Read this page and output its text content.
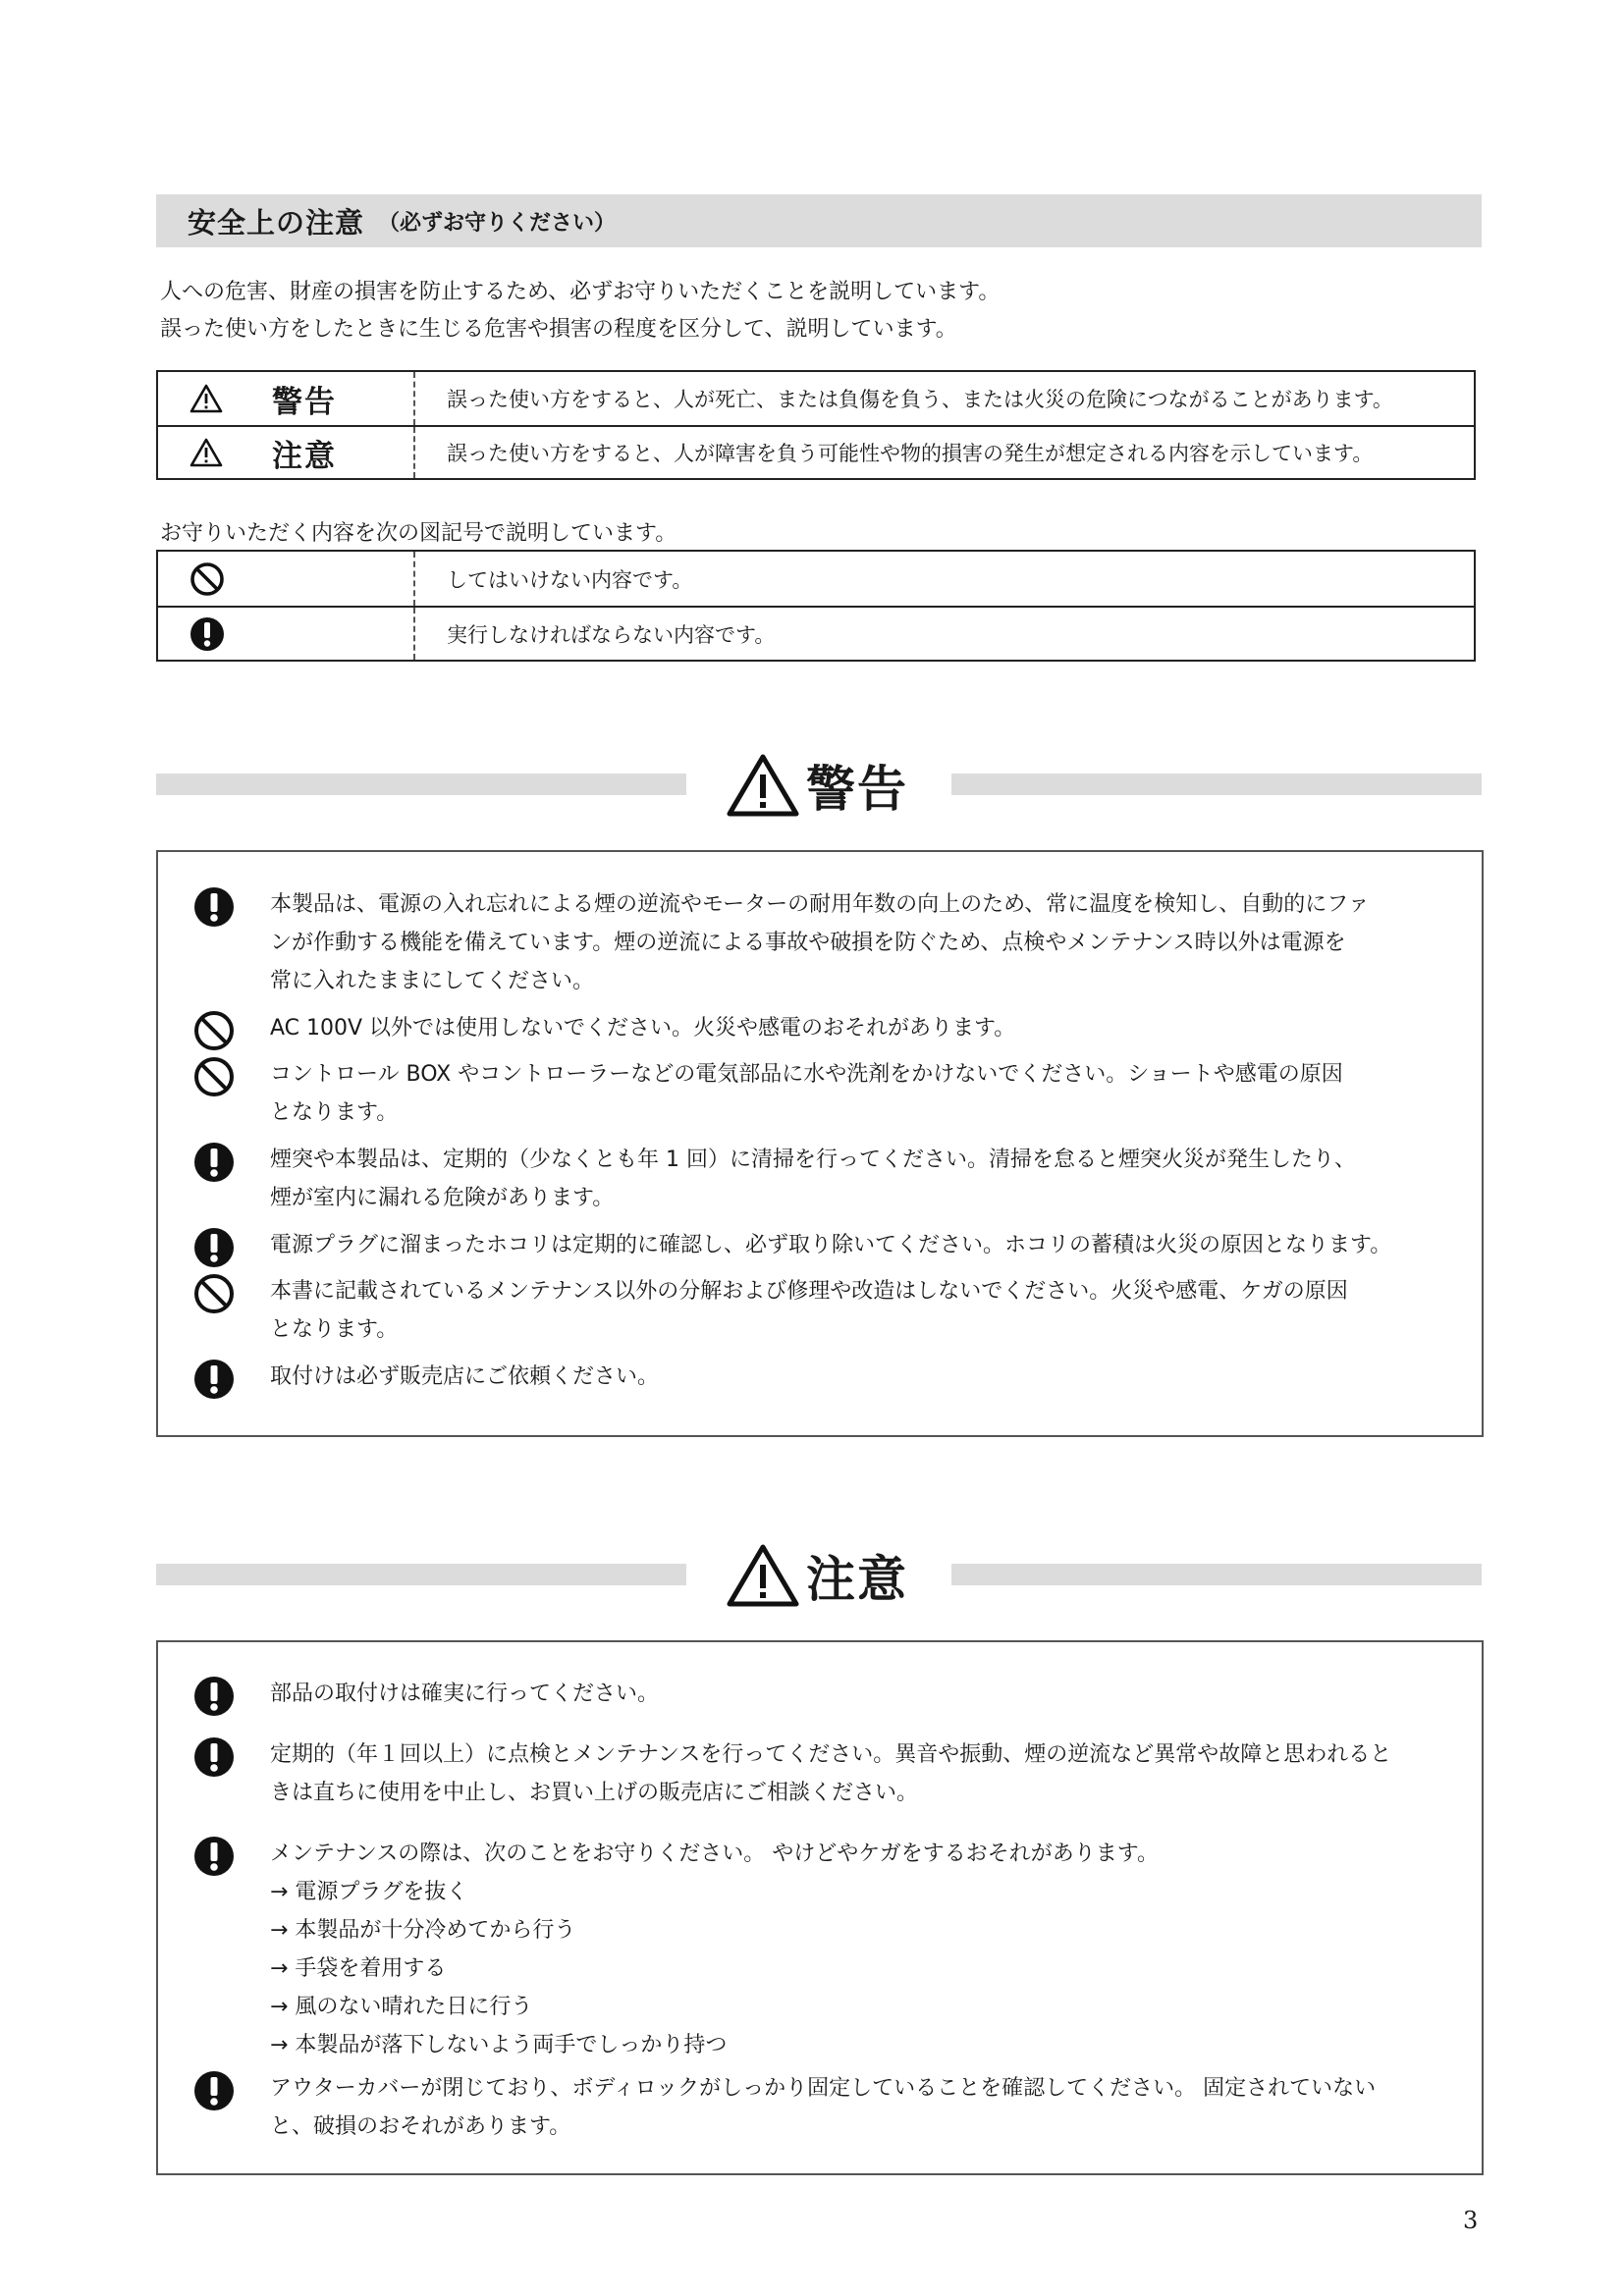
安全上の注意 （必ずお守りください）
人への危害、財産の損害を防止するため、必ずお守りいただくことを説明しています。
誤った使い方をしたときに生じる危害や損害の程度を区分して、説明しています。
警告	誤った使い方をすると、人が死亡、または負傷を負う、または火災の危険につながることがあります。
注意	誤った使い方をすると、人が障害を負う可能性や物的損害の発生が想定される内容を示しています。
お守りいただく内容を次の図記号で説明しています。
してはいけない内容です。
実行しなければならない内容です。
警告
本製品は、電源の入れ忘れによる煙の逆流やモーターの耐用年数の向上のため、常に温度を検知し、自動的にファ
ンが作動する機能を備えています。煙の逆流による事故や破損を防ぐため、点検やメンテナンス時以外は電源を
常に入れたままにしてください。
AC 100V 以外では使用しないでください。火災や感電のおそれがあります。
コントロール BOX やコントローラーなどの電気部品に水や洗剤をかけないでください。ショートや感電の原因
となります。
煙突や本製品は、定期的（少なくとも年 1 回）に清掃を行ってください。清掃を怠ると煙突火災が発生したり、
煙が室内に漏れる危険があります。
電源プラグに溜まったホコリは定期的に確認し、必ず取り除いてください。ホコリの蓄積は火災の原因となります。
本書に記載されているメンテナンス以外の分解および修理や改造はしないでください。火災や感電、ケガの原因
となります。
取付けは必ず販売店にご依頼ください。
注意
部品の取付けは確実に行ってください。
定期的（年１回以上）に点検とメンテナンスを行ってください。異音や振動、煙の逆流など異常や故障と思われると
きは直ちに使用を中止し、お買い上げの販売店にご相談ください。
メンテナンスの際は、次のことをお守りください。 やけどやケガをするおそれがあります。
→ 電源プラグを抜く
→ 本製品が十分冷めてから行う
→ 手袋を着用する
→ 風のない晴れた日に行う
→ 本製品が落下しないよう両手でしっかり持つ
アウターカバーが閉じており、ボディロックがしっかり固定していることを確認してください。 固定されていない
と、破損のおそれがあります。
3
